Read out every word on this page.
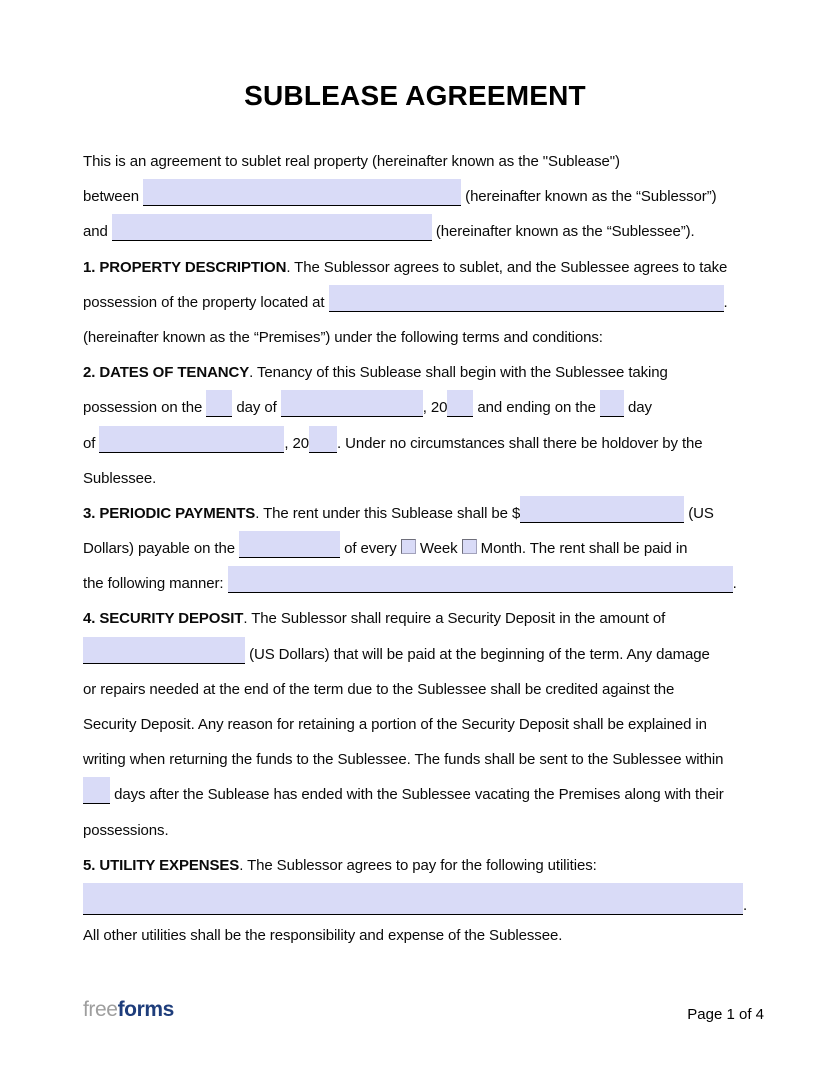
SUBLEASE AGREEMENT
This is an agreement to sublet real property (hereinafter known as the "Sublease")
between	(hereinafter known as the “Sublessor”)
and	(hereinafter known as the “Sublessee”).
1. PROPERTY DESCRIPTION. The Sublessor agrees to sublet, and the Sublessee agrees to take
possession of the property located at	.
(hereinafter known as the “Premises”) under the following terms and conditions:
2. DATES OF TENANCY. Tenancy of this Sublease shall begin with the Sublessee taking
possession on the day of	, 20 and ending on the day
of	, 20 . Under no circumstances shall there be holdover by the
Sublessee.
3. PERIODIC PAYMENTS. The rent under this Sublease shall be $	(US
Dollars) payable on the	of every Week Month. The rent shall be paid in
the following manner:	.
4. SECURITY DEPOSIT. The Sublessor shall require a Security Deposit in the amount of
(US Dollars) that will be paid at the beginning of the term. Any damage
or repairs needed at the end of the term due to the Sublessee shall be credited against the
Security Deposit. Any reason for retaining a portion of the Security Deposit shall be explained in
writing when returning the funds to the Sublessee. The funds shall be sent to the Sublessee within
days after the Sublease has ended with the Sublessee vacating the Premises along with their
possessions.
5. UTILITY EXPENSES. The Sublessor agrees to pay for the following utilities:
.
All other utilities shall be the responsibility and expense of the Sublessee.
freeforms	Page 1 of 4
